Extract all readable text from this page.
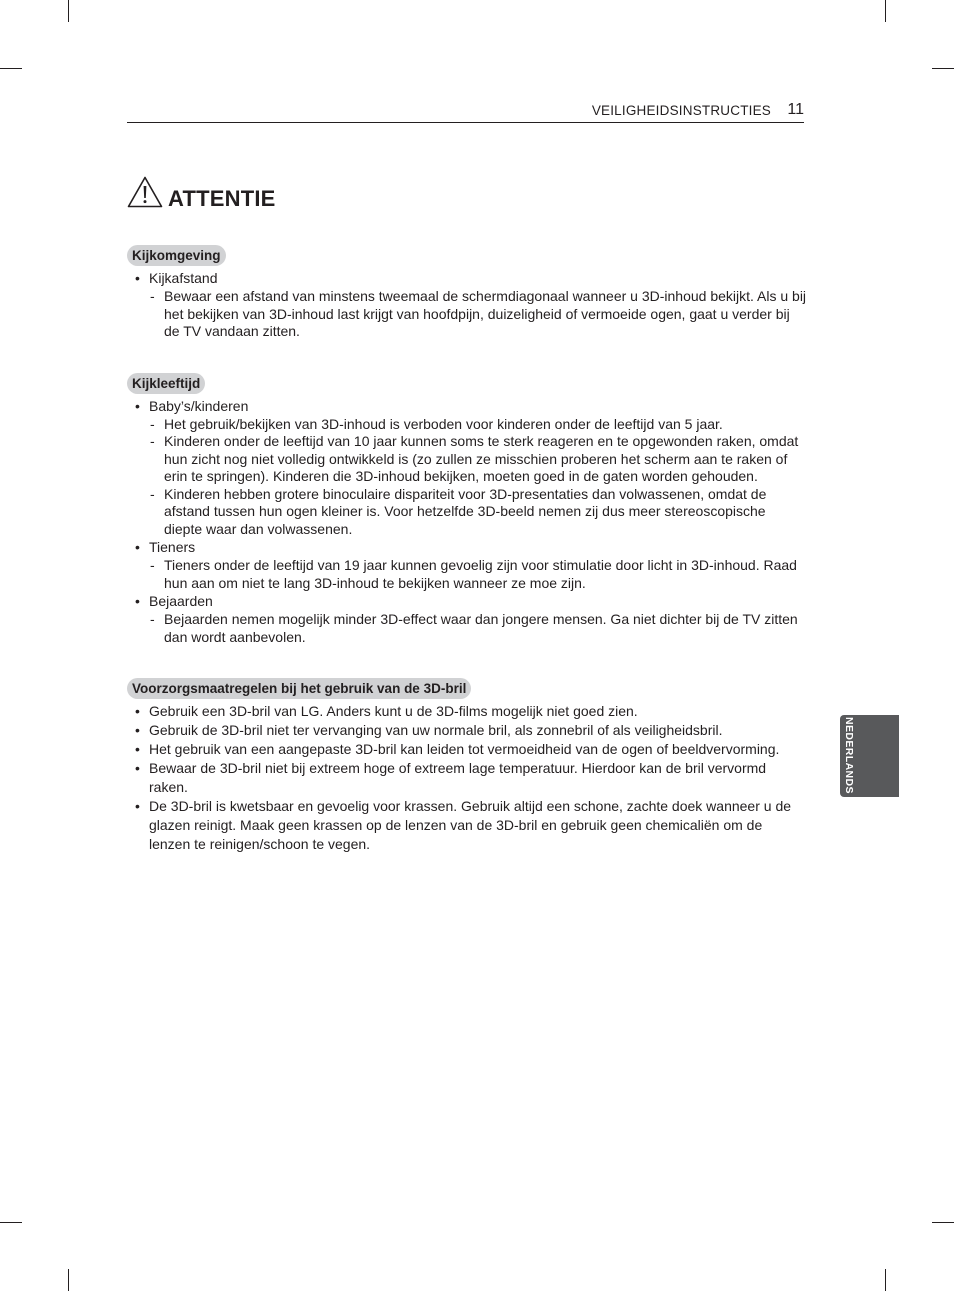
VEILIGHEIDSINSTRUCTIES 11
ATTENTIE
Kijkomgeving
• Kijkafstand
- Bewaar een afstand van minstens tweemaal de schermdiagonaal wanneer u 3D-inhoud bekijkt. Als u bij het bekijken van 3D-inhoud last krijgt van hoofdpijn, duizeligheid of vermoeide ogen, gaat u verder bij de TV vandaan zitten.
Kijkleeftijd
• Baby’s/kinderen
- Het gebruik/bekijken van 3D-inhoud is verboden voor kinderen onder de leeftijd van 5 jaar.
- Kinderen onder de leeftijd van 10 jaar kunnen soms te sterk reageren en te opgewonden raken, omdat hun zicht nog niet volledig ontwikkeld is (zo zullen ze misschien proberen het scherm aan te raken of erin te springen). Kinderen die 3D-inhoud bekijken, moeten goed in de gaten worden gehouden.
- Kinderen hebben grotere binoculaire dispariteit voor 3D-presentaties dan volwassenen, omdat de afstand tussen hun ogen kleiner is. Voor hetzelfde 3D-beeld nemen zij dus meer stereoscopische diepte waar dan volwassenen.
• Tieners
- Tieners onder de leeftijd van 19 jaar kunnen gevoelig zijn voor stimulatie door licht in 3D-inhoud. Raad hun aan om niet te lang 3D-inhoud te bekijken wanneer ze moe zijn.
• Bejaarden
- Bejaarden nemen mogelijk minder 3D-effect waar dan jongere mensen. Ga niet dichter bij de TV zitten dan wordt aanbevolen.
Voorzorgsmaatregelen bij het gebruik van de 3D-bril
• Gebruik een 3D-bril van LG. Anders kunt u de 3D-films mogelijk niet goed zien.
• Gebruik de 3D-bril niet ter vervanging van uw normale bril, als zonnebril of als veiligheidsbril.
• Het gebruik van een aangepaste 3D-bril kan leiden tot vermoeidheid van de ogen of beeldvervorming.
• Bewaar de 3D-bril niet bij extreem hoge of extreem lage temperatuur. Hierdoor kan de bril vervormd raken.
• De 3D-bril is kwetsbaar en gevoelig voor krassen. Gebruik altijd een schone, zachte doek wanneer u de glazen reinigt. Maak geen krassen op de lenzen van de 3D-bril en gebruik geen chemicaliën om de lenzen te reinigen/schoon te vegen.
NEDERLANDS
